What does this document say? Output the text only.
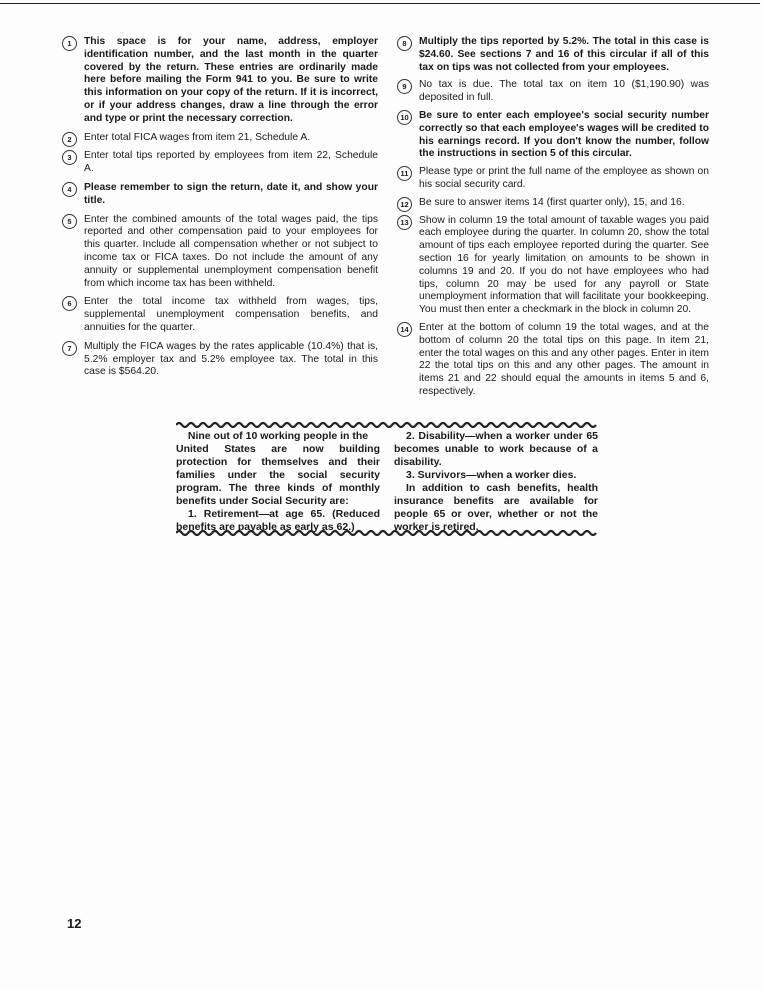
1	This space is for your name, address, employer identification number, and the last month in the quarter covered by the return. These entries are ordinarily made here before mailing the Form 941 to you. Be sure to write this information on your copy of the return. If it is incorrect, or if your address changes, draw a line through the error and type or print the necessary correction.
2	Enter total FICA wages from item 21, Schedule A.
3	Enter total tips reported by employees from item 22, Schedule A.
4	Please remember to sign the return, date it, and show your title.
5	Enter the combined amounts of the total wages paid, the tips reported and other compensation paid to your employees for this quarter. Include all compensation whether or not subject to income tax or FICA taxes. Do not include the amount of any annuity or supplemental unemployment compensation benefit from which income tax has been withheld.
6	Enter the total income tax withheld from wages, tips, supplemental unemployment compensation benefits, and annuities for the quarter.
7	Multiply the FICA wages by the rates applicable (10.4%) that is, 5.2% employer tax and 5.2% employee tax. The total in this case is $564.20.
8	Multiply the tips reported by 5.2%. The total in this case is $24.60. See sections 7 and 16 of this circular if all of this tax on tips was not collected from your employees.
9	No tax is due. The total tax on item 10 ($1,190.90) was deposited in full.
10	Be sure to enter each employee's social security number correctly so that each employee's wages will be credited to his earnings record. If you don't know the number, follow the instructions in section 5 of this circular.
11	Please type or print the full name of the employee as shown on his social security card.
12	Be sure to answer items 14 (first quarter only), 15, and 16.
13	Show in column 19 the total amount of taxable wages you paid each employee during the quarter. In column 20, show the total amount of tips each employee reported during the quarter. See section 16 for yearly limitation on amounts to be shown in columns 19 and 20. If you do not have employees who had tips, column 20 may be used for any payroll or State unemployment information that will facilitate your bookkeeping. You must then enter a checkmark in the block in column 20.
14	Enter at the bottom of column 19 the total wages, and at the bottom of column 20 the total tips on this page. In item 21, enter the total wages on this and any other pages. Enter in item 22 the total tips on this and any other pages. The amount in items 21 and 22 should equal the amounts in items 5 and 6, respectively.
Nine out of 10 working people in the
United States are now building protection for themselves and their families under the social security program. The three kinds of monthly benefits under Social Security are:
1. Retirement—at age 65. (Reduced benefits are payable as early as 62.)
2. Disability—when a worker under 65 becomes unable to work because of a disability.
3. Survivors—when a worker dies.
In addition to cash benefits, health insurance benefits are available for people 65 or over, whether or not the worker is retired.
12
